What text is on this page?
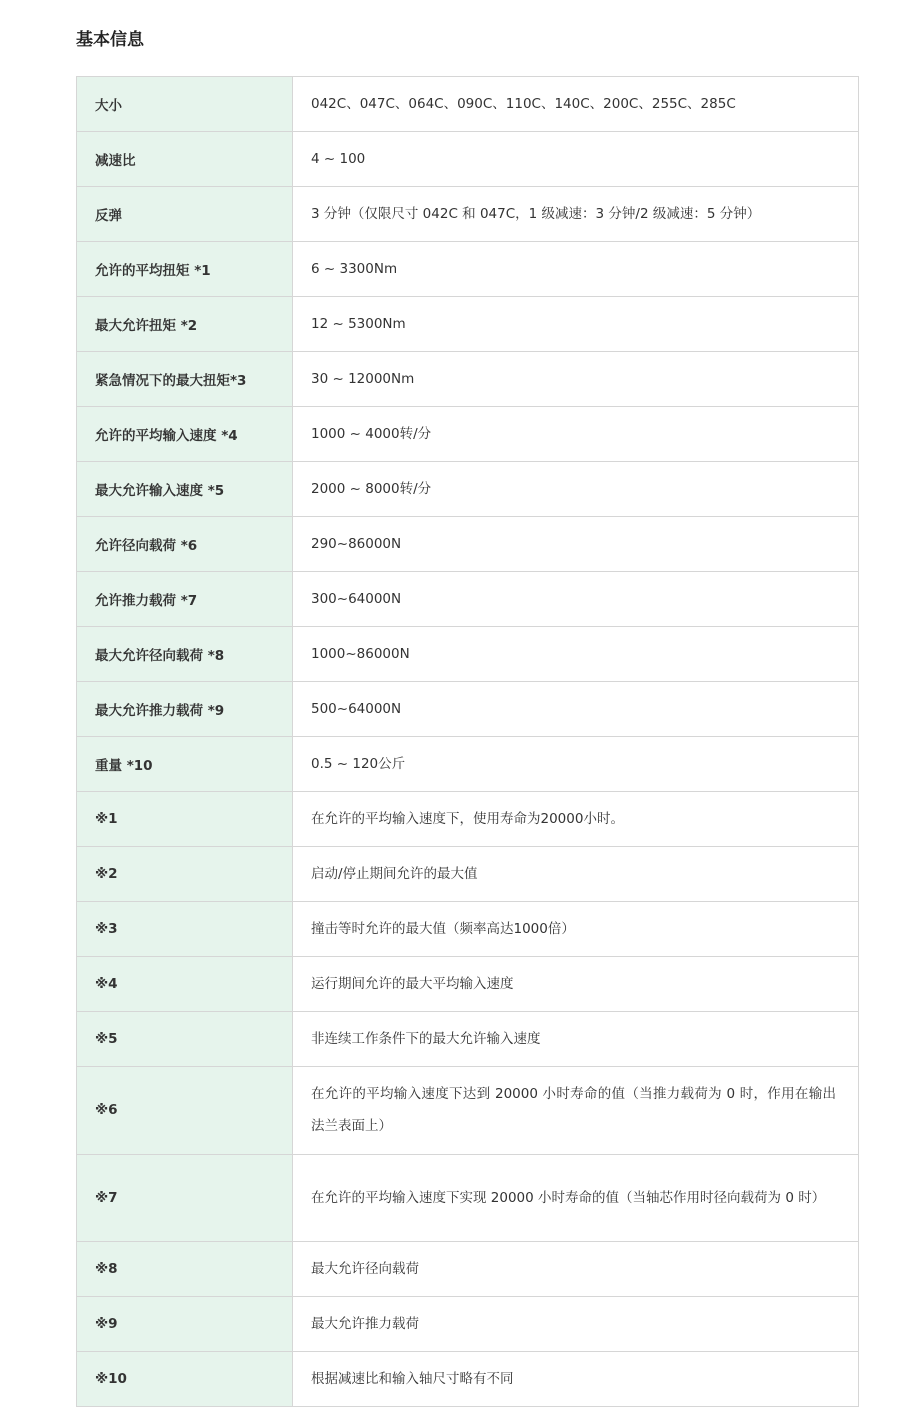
基本信息
大小	042C、047C、064C、090C、110C、140C、200C、255C、285C
减速比	4 ~ 100
反弹	3 分钟（仅限尺寸 042C 和 047C，1 级减速：3 分钟/2 级减速：5 分钟）
允许的平均扭矩 *1	6 ~ 3300Nm
最大允许扭矩 *2	12 ~ 5300Nm
紧急情况下的最大扭矩*3	30 ~ 12000Nm
允许的平均输入速度 *4	1000 ~ 4000转/分
最大允许输入速度 *5	2000 ~ 8000转/分
允许径向载荷 *6	290~86000N
允许推力载荷 *7	300~64000N
最大允许径向载荷 *8	1000~86000N
最大允许推力载荷 *9	500~64000N
重量 *10	0.5 ~ 120公斤
※1	在允许的平均输入速度下，使用寿命为20000小时。
※2	启动/停止期间允许的最大值
※3	撞击等时允许的最大值（频率高达1000倍）
※4	运行期间允许的最大平均输入速度
※5	非连续工作条件下的最大允许输入速度
※6	在允许的平均输入速度下达到 20000 小时寿命的值（当推力载荷为 0 时，作用在输出法兰表面上）
※7	在允许的平均输入速度下实现 20000 小时寿命的值（当轴芯作用时径向载荷为 0 时）
※8	最大允许径向载荷
※9	最大允许推力载荷
※10	根据减速比和输入轴尺寸略有不同
